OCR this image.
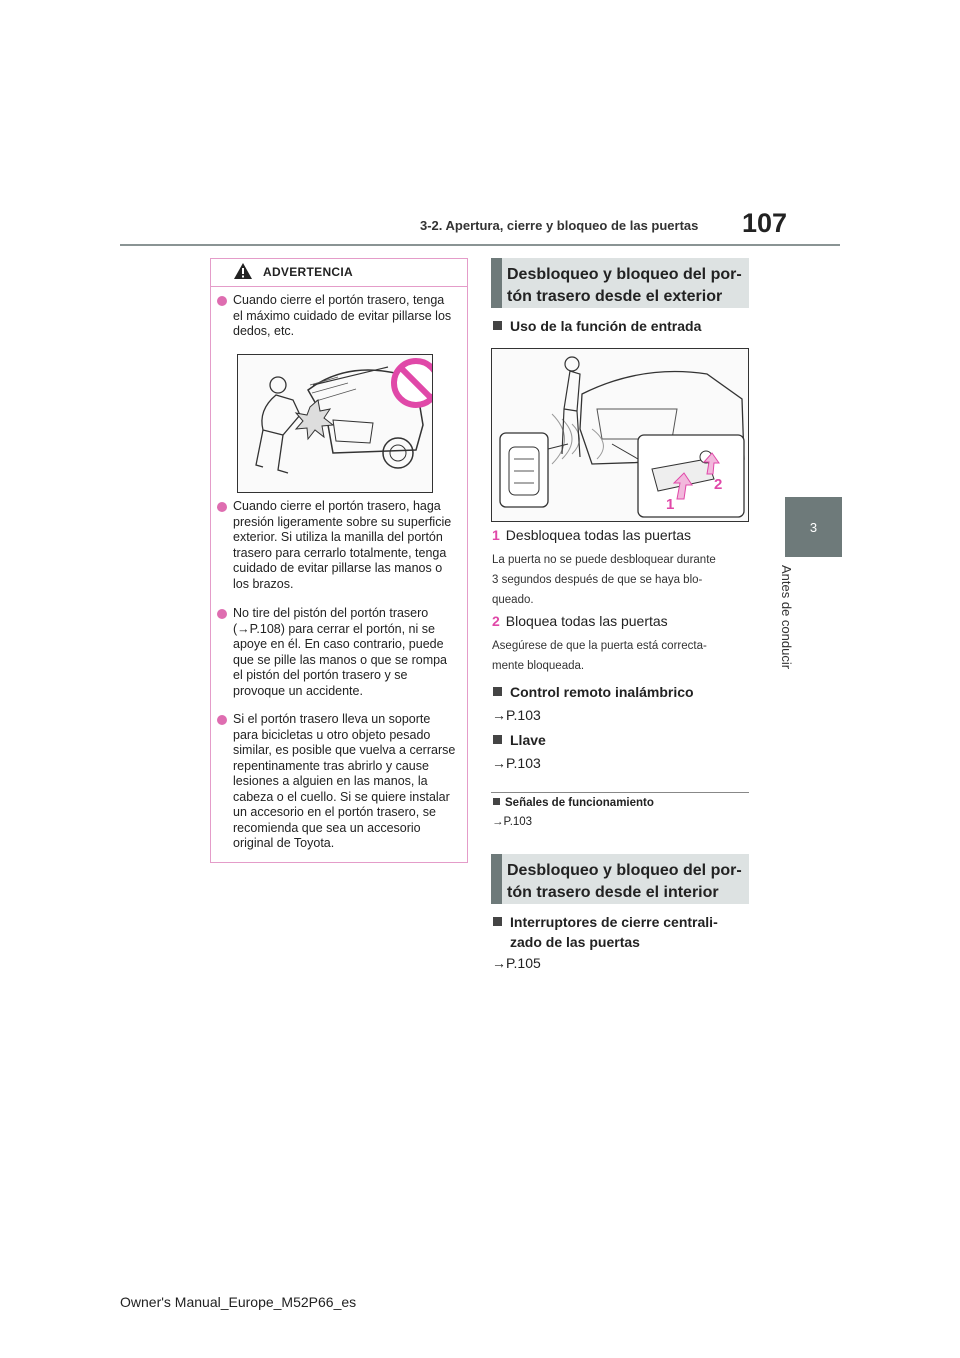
3-2. Apertura, cierre y bloqueo de las puertas 107
3
Antes de conducir
ADVERTENCIA
Cuando cierre el portón trasero, tenga el máximo cuidado de evitar pillarse los dedos, etc.
Cuando cierre el portón trasero, haga presión ligeramente sobre su superficie exterior. Si utiliza la manilla del portón trasero para cerrarlo totalmente, tenga cuidado de evitar pillarse las manos o los brazos.
No tire del pistón del portón trasero (→P.108) para cerrar el portón, ni se apoye en él. En caso contrario, puede que se pille las manos o que se rompa el pistón del portón trasero y se provoque un accidente.
Si el portón trasero lleva un soporte para bicicletas u otro objeto pesado similar, es posible que vuelva a cerrarse repentinamente tras abrirlo y cause lesiones a alguien en las manos, la cabeza o el cuello. Si se quiere instalar un accesorio en el portón trasero, se recomienda que sea un accesorio original de Toyota.
Desbloqueo y bloqueo del por-
tón trasero desde el exterior
Uso de la función de entrada
1
2
1 Desbloquea todas las puertas
La puerta no se puede desbloquear durante
3 segundos después de que se haya blo-
queado.
2 Bloquea todas las puertas
Asegúrese de que la puerta está correcta-
mente bloqueada.
Control remoto inalámbrico
→P.103
Llave
→P.103
Señales de funcionamiento
→P.103
Desbloqueo y bloqueo del por-
tón trasero desde el interior
Interruptores de cierre centrali-
zado de las puertas
→P.105
Owner's Manual_Europe_M52P66_es
